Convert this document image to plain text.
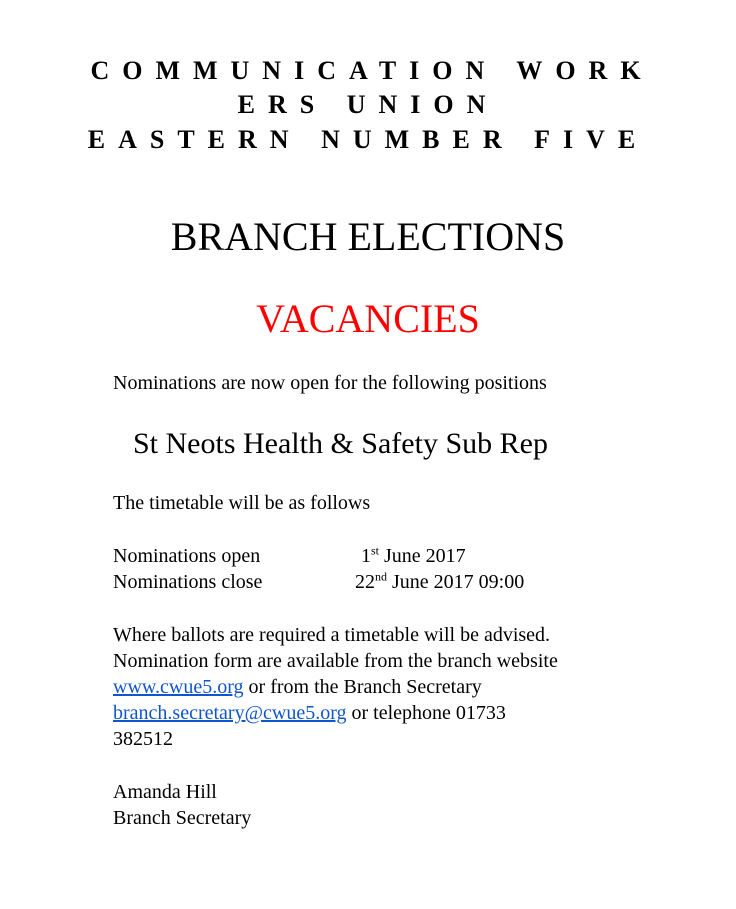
COMMUNICATION WORK
ERS UNION
EASTERN NUMBER FIVE
BRANCH ELECTIONS
VACANCIES
Nominations are now open for the following positions
St Neots Health & Safety Sub Rep
The timetable will be as follows
Nominations open	1st June 2017
Nominations close	22nd June 2017 09:00
Where ballots are required a timetable will be advised.
Nomination form are available from the branch website
www.cwue5.org or from the Branch Secretary
branch.secretary@cwue5.org or telephone 01733
382512
Amanda Hill
Branch Secretary
